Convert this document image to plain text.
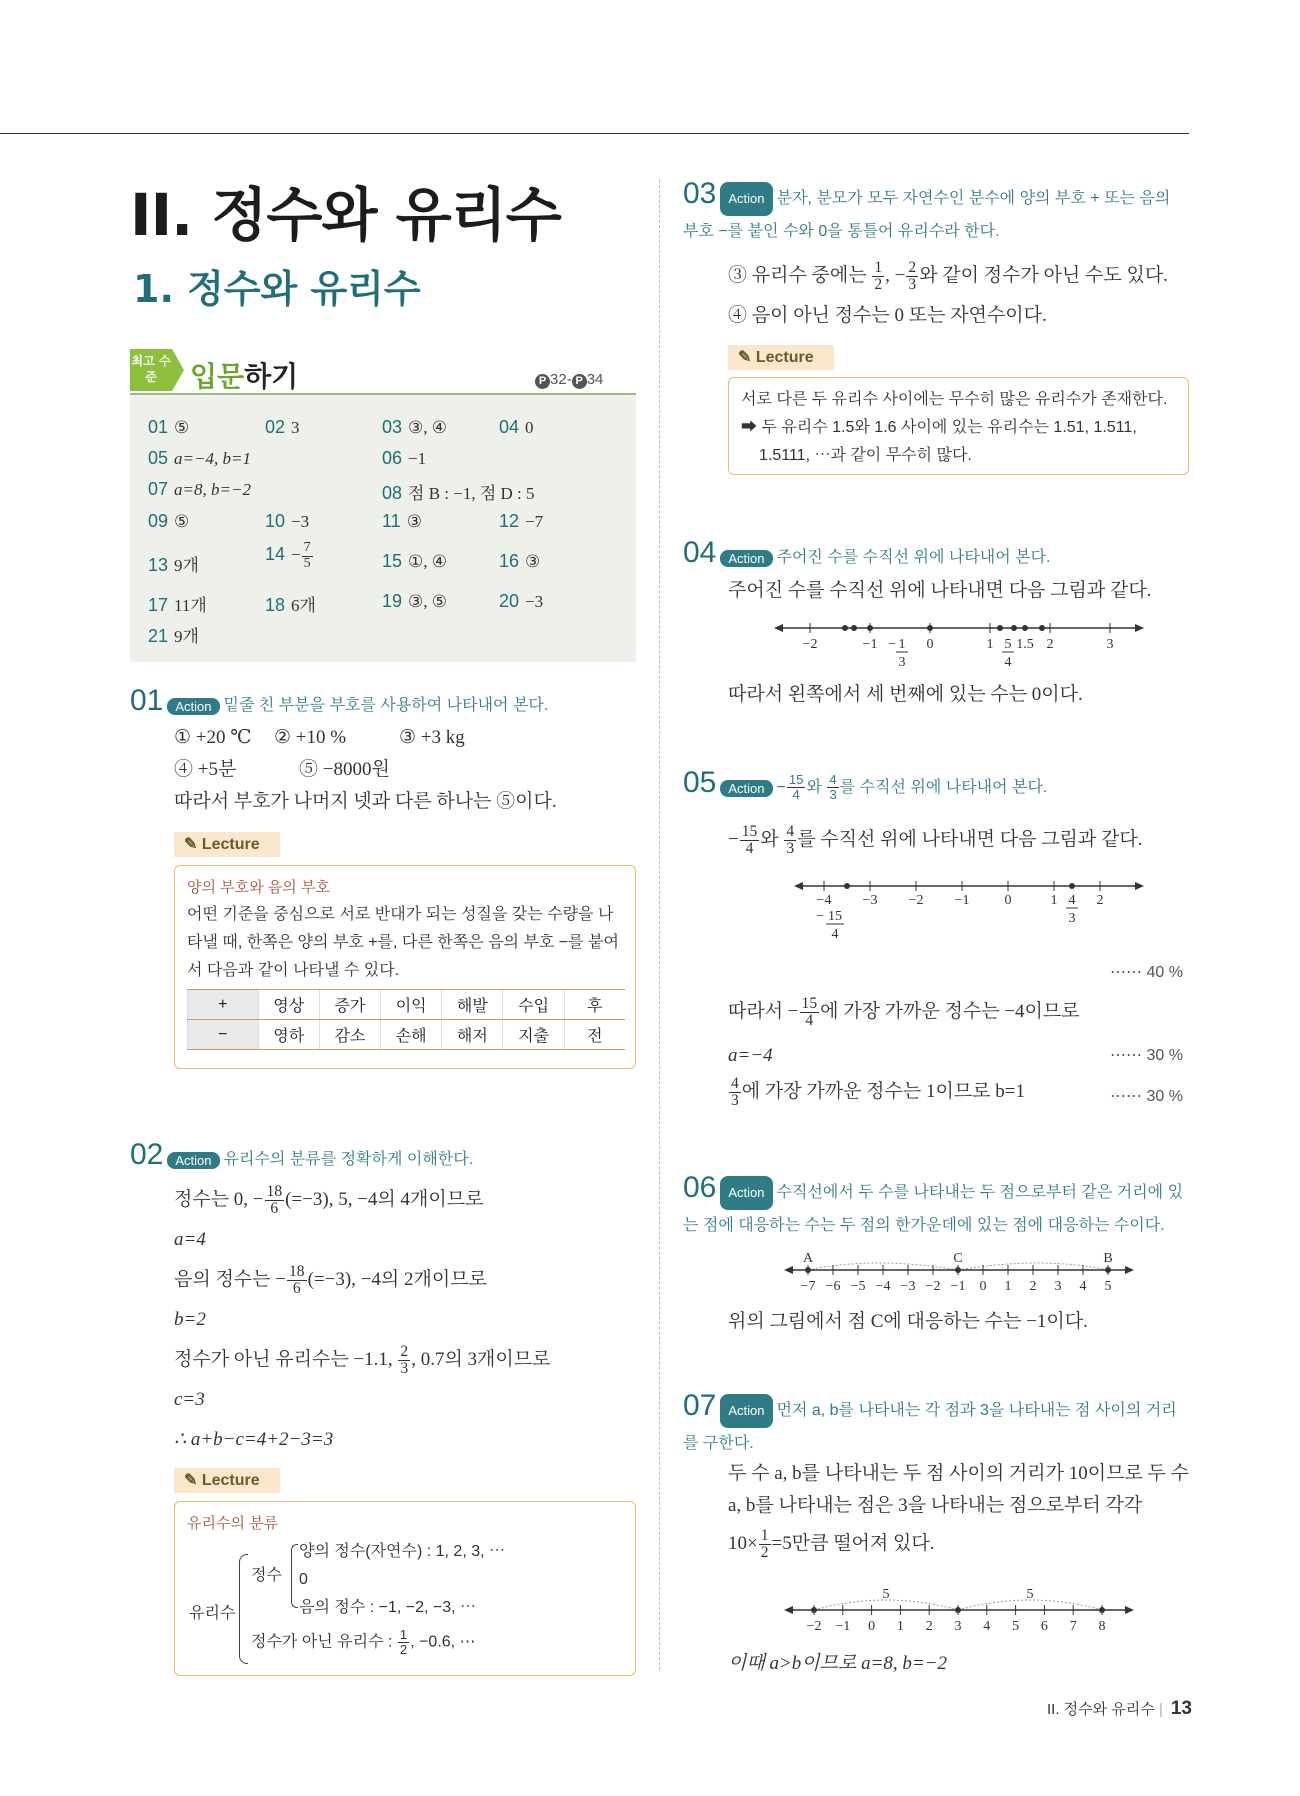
II. 정수와 유리수
1. 정수와 유리수
최고 수준	입문하기	P 32- P 34
01 ⑤	02 3	03 ③, ④	04 0
05 a=−4, b=1	06 −1
07 a=8, b=−2	08 점 B : −1, 점 D : 5
09 ⑤	10 −3	11 ③	12 −7
13 9개
$14 - \frac{7}{5}$	15 ①, ④	16 ③
17 11개	18 6개	19 ③, ⑤	20 −3
21 9개
01 Action 밑줄 친 부분을 부호를 사용하여 나타내어 본다.
① +20 ℃ ② +10 %	③ +3 kg
④ +5분	⑤ −8000원
따라서 부호가 나머지 넷과 다른 하나는 ⑤이다.
✎ Lecture
양의 부호와 음의 부호
어떤 기준을 중심으로 서로 반대가 되는 성질을 갖는 수량을 나타낼 때, 한쪽은 양의 부호 +를, 다른 한쪽은 음의 부호 −를 붙여서 다음과 같이 나타낼 수 있다.
+	영상	증가	이익	해발	수입	후
−	영하	감소	손해	해저	지출	전
02 Action 유리수의 분류를 정확하게 이해한다.
정수는 0, − $\frac{18}{6} (=-3)$, 5, −4의 4개이므로
a=4
음의 정수는 − $\frac{18}{6} (=-3)$, −4의 2개이므로
b=2
정수가 아닌 유리수는 −1.1, $\frac{2}{3}$ , 0.7의 3개이므로
c=3
∴ a+b−c=4+2−3=3
✎ Lecture
유리수의 분류
유리수
정수
양의 정수(자연수) : 1, 2, 3, ⋯
0
음의 정수 : −1, −2, −3, ⋯
정수가 아닌 유리수 : $\frac{1}{2}$ , −0.6, ⋯
03 Action 분자, 분모가 모두 자연수인 분수에 양의 부호 + 또는 음의 부호 −를 붙인 수와 0을 통틀어 유리수라 한다.
③ 유리수 중에는 $\frac{1}{2}$ , − $\frac{2}{3}$ 와 같이 정수가 아닌 수도 있다.
④ 음이 아닌 정수는 0 또는 자연수이다.
✎ Lecture
서로 다른 두 유리수 사이에는 무수히 많은 유리수가 존재한다.
➡ 두 유리수 1.5와 1.6 사이에 있는 유리수는 1.51, 1.511,
1.5111, ⋯과 같이 무수히 많다.
04 Action 주어진 수를 수직선 위에 나타내어 본다.
주어진 수를 수직선 위에 나타내면 다음 그림과 같다.
−2	−1 − 1
3
0	1 5
4
1.5 2	3
따라서 왼쪽에서 세 번째에 있는 수는 0이다.
05 Action − $\frac{15}{4}$ 와 $\frac{4}{3}$ 를 수직선 위에 나타내어 본다.
− $\frac{15}{4}$ 와 $\frac{4}{3}$ 를 수직선 위에 나타내면 다음 그림과 같다.
−4 −3 −2 −1	0	1	2
− 15
4
4
3
⋯⋯ 40 %
따라서 − $\frac{15}{4}$ 에 가장 가까운 정수는 −4이므로
a=−4	⋯⋯ 30 %
$\frac{4}{3}$ 에 가장 가까운 정수는 1이므로 b=1	⋯⋯ 30 %
06 Action 수직선에서 두 수를 나타내는 두 점으로부터 같은 거리에 있는 점에 대응하는 수는 두 점의 한가운데에 있는 점에 대응하는 수이다.
−7 −6 −5 −4 −3 −2 −1 0 1 2 3 4 5
A	C	B
위의 그림에서 점 C에 대응하는 수는 −1이다.
07 Action 먼저 a, b를 나타내는 각 점과 3을 나타내는 점 사이의 거리를 구한다.
두 수 a, b를 나타내는 두 점 사이의 거리가 10이므로 두 수
a, b를 나타내는 점은 3을 나타내는 점으로부터 각각
$10\times \frac{1}{2} =5$만큼 떨어져 있다.
−2 −1 0 1 2 3 4 5 6 7 8
5	5
이때 a>b이므로 a=8, b=−2
II. 정수와 유리수 | 13
